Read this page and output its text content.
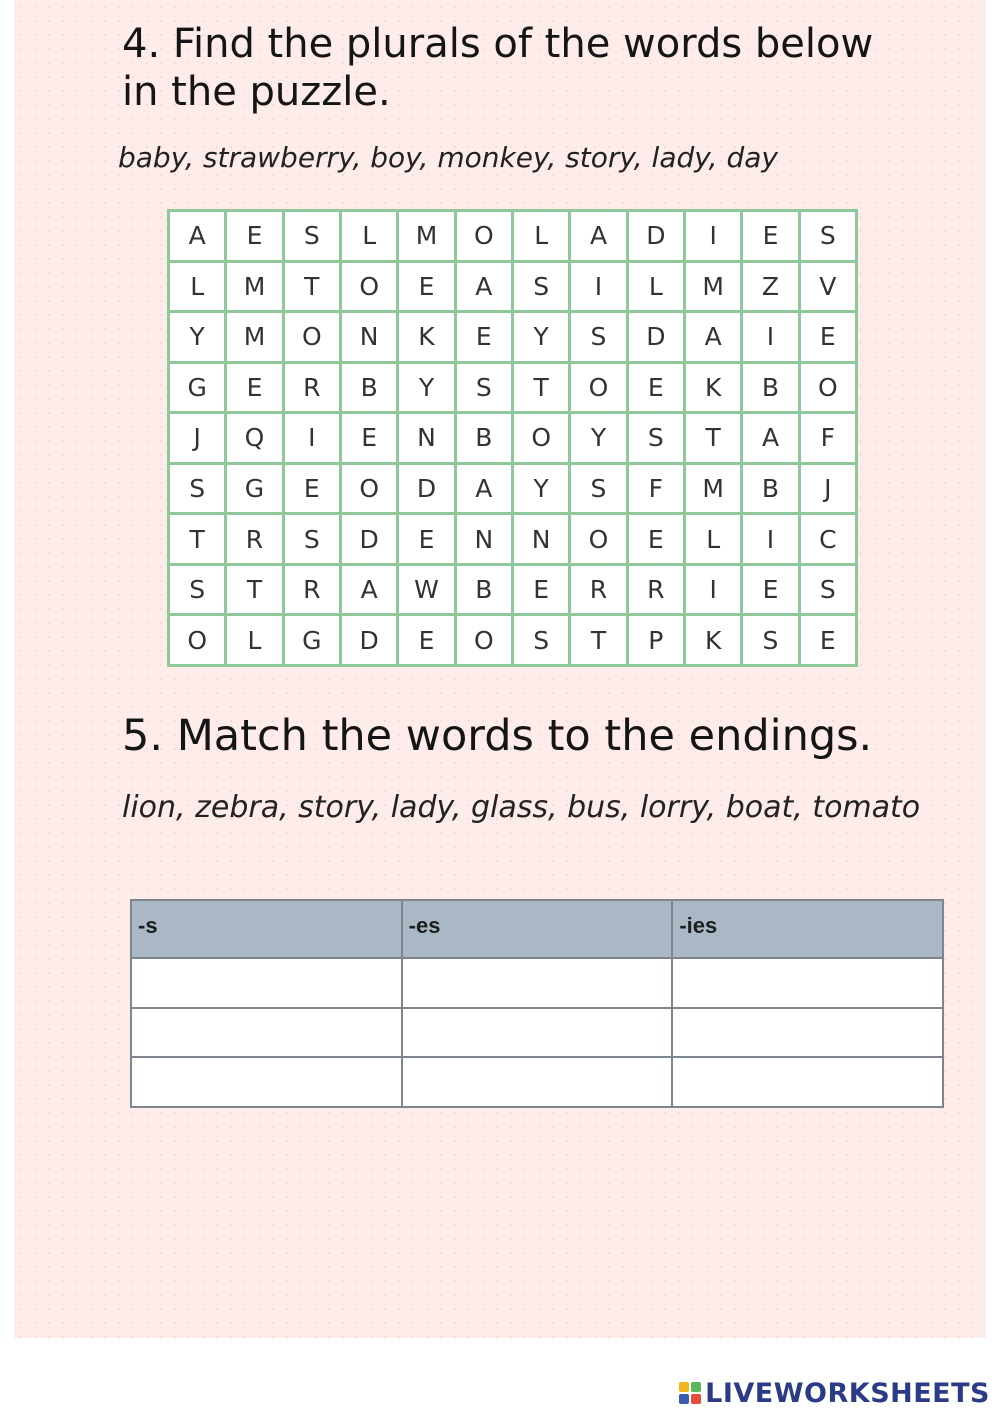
4. Find the plurals of the words below in the puzzle.

baby, strawberry, boy, monkey, story, lady, day

A	E	S	L	M	O	L	A	D	I	E	S
L	M	T	O	E	A	S	I	L	M	Z	V
Y	M	O	N	K	E	Y	S	D	A	I	E
G	E	R	B	Y	S	T	O	E	K	B	O
J	Q	I	E	N	B	O	Y	S	T	A	F
S	G	E	O	D	A	Y	S	F	M	B	J
T	R	S	D	E	N	N	O	E	L	I	C
S	T	R	A	W	B	E	R	R	I	E	S
O	L	G	D	E	O	S	T	P	K	S	E
5. Match the words to the endings.

lion, zebra, story, lady, glass, bus, lorry, boat, tomato

-s	-es	-ies

LIVEWORKSHEETS
